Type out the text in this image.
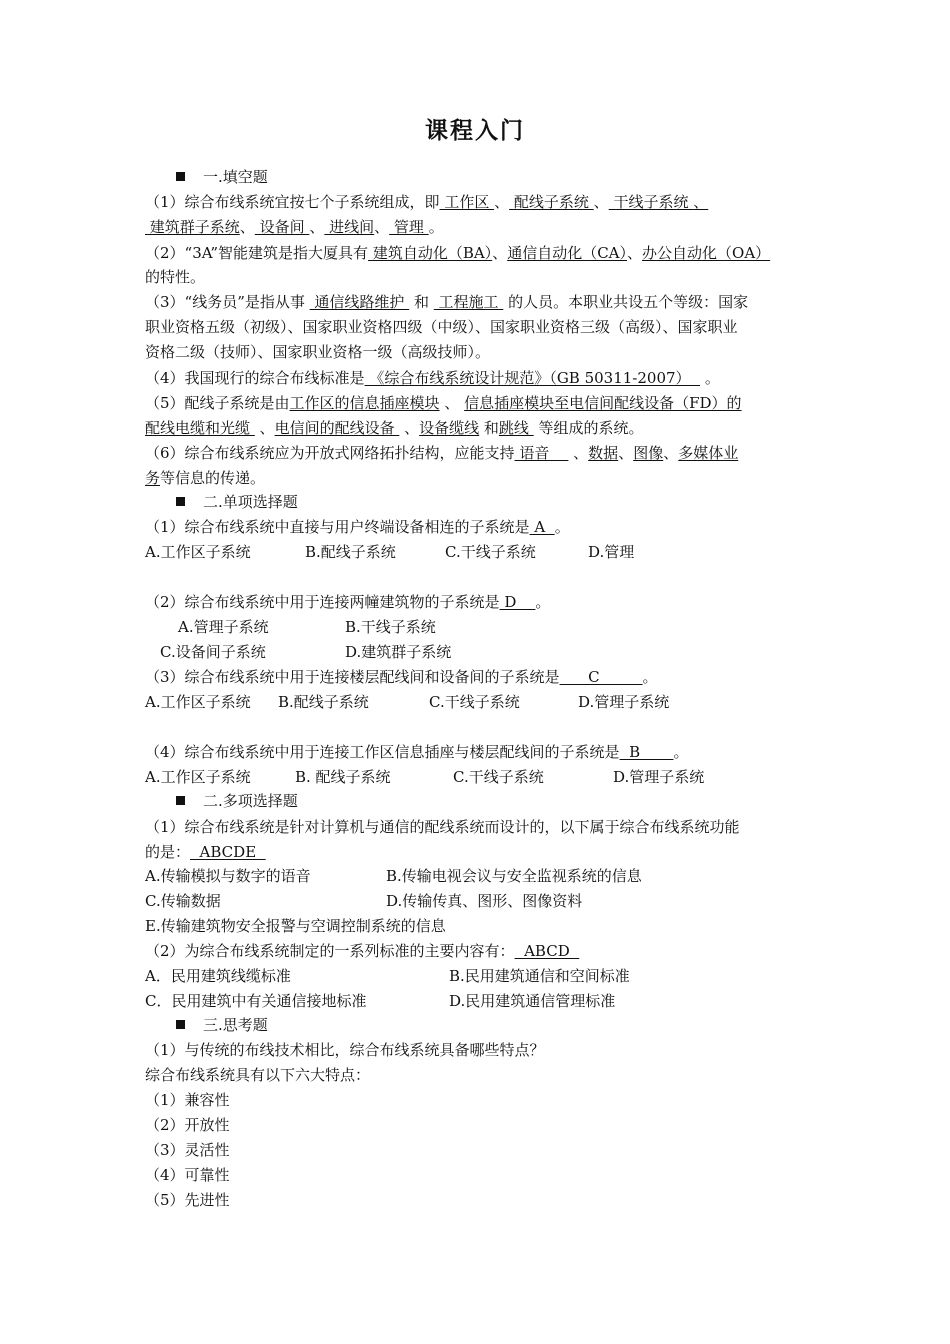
课程入门
一.填空题
（1）综合布线系统宜按七个子系统组成，即 工作区 、 配线子系统 、 干线子系统 、
建筑群子系统、 设备间 、 进线间、 管理 。
（2）“3A”智能建筑是指大厦具有 建筑自动化（BA）、通信自动化（CA）、办公自动化（OA）
的特性。
（3）“线务员”是指从事  通信线路维护  和  工程施工  的人员。本职业共设五个等级：国家
职业资格五级（初级）、国家职业资格四级（中级）、国家职业资格三级（高级）、国家职业
资格二级（技师）、国家职业资格一级（高级技师）。
（4）我国现行的综合布线标准是 《综合布线系统设计规范》（GB 50311-2007）   。
（5）配线子系统是由工作区的信息插座模块 、 信息插座模块至电信间配线设备（FD）的
配线电缆和光缆  、电信间的配线设备  、设备缆线 和跳线  等组成的系统。
（6）综合布线系统应为开放式网络拓扑结构，应能支持 语音     、数据、图像、多媒体业
务等信息的传递。
二.单项选择题
（1）综合布线系统中直接与用户终端设备相连的子系统是 A  。
A.工作区子系统	B.配线子系统	C.干线子系统	D.管理
（2）综合布线系统中用于连接两幢建筑物的子系统是 D    。
A.管理子系统	B.干线子系统
C.设备间子系统	D.建筑群子系统
（3）综合布线系统中用于连接楼层配线间和设备间的子系统是      C         。
A.工作区子系统 B.配线子系统	C.干线子系统	D.管理子系统
（4）综合布线系统中用于连接工作区信息插座与楼层配线间的子系统是  B       。
A.工作区子系统	B. 配线子系统	C.干线子系统	D.管理子系统
二.多项选择题
（1）综合布线系统是针对计算机与通信的配线系统而设计的，以下属于综合布线系统功能
的是：  ABCDE
A.传输模拟与数字的语音	B.传输电视会议与安全监视系统的信息
C.传输数据	D.传输传真、图形、图像资料
E.传输建筑物安全报警与空调控制系统的信息
（2）为综合布线系统制定的一系列标准的主要内容有：  ABCD
A．民用建筑线缆标准	B.民用建筑通信和空间标准
C．民用建筑中有关通信接地标准	D.民用建筑通信管理标准
三.思考题
（1）与传统的布线技术相比，综合布线系统具备哪些特点？
综合布线系统具有以下六大特点：
（1）兼容性
（2）开放性
（3）灵活性
（4）可靠性
（5）先进性
